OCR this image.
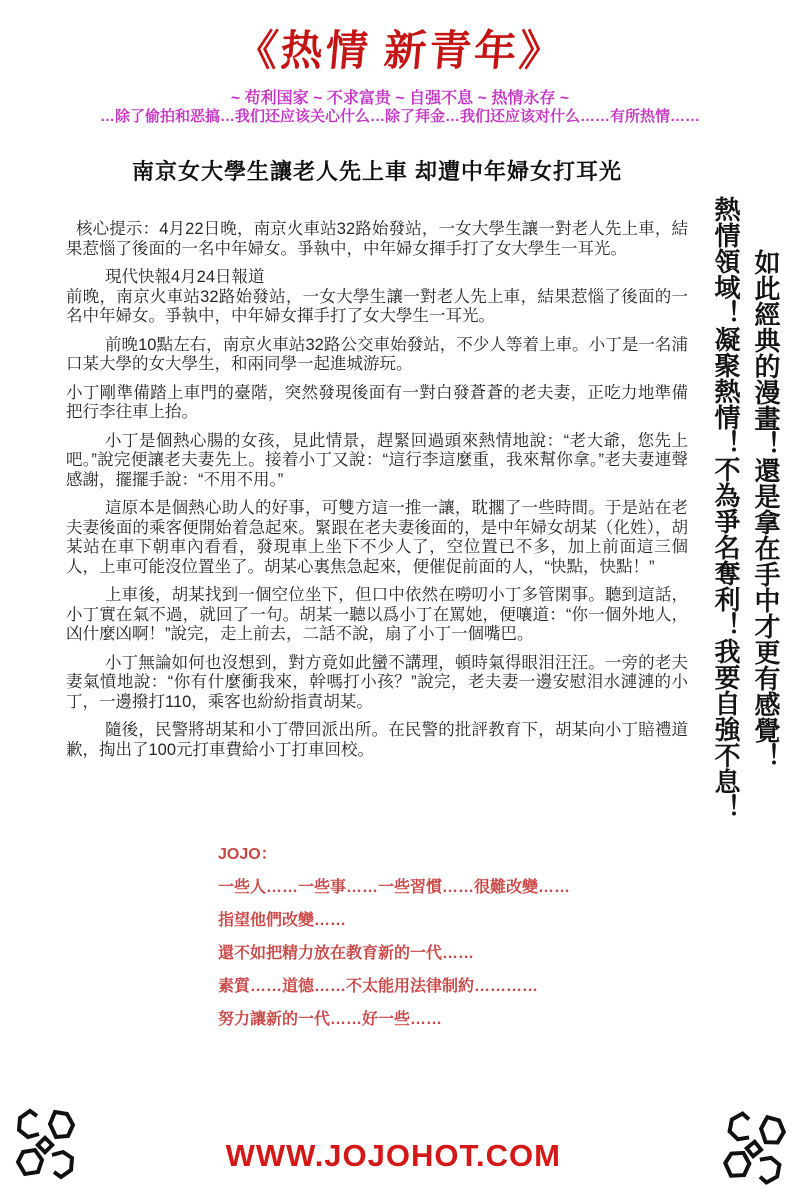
《热情 新青年》
~ 苟利国家 ~ 不求富贵 ~ 自强不息 ~ 热情永存 ~
…除了偷拍和恶搞…我们还应该关心什么…除了拜金…我们还应该对什么……有所热情……
南京女大學生讓老人先上車 却遭中年婦女打耳光

核心提示：4月22日晚，南京火車站32路始發站，一女大學生讓一對老人先上車，結果惹惱了後面的一名中年婦女。爭執中，中年婦女揮手打了女大學生一耳光。

現代快報4月24日報道

前晚，南京火車站32路始發站，一女大學生讓一對老人先上車，結果惹惱了後面的一名中年婦女。爭執中，中年婦女揮手打了女大學生一耳光。

前晚10點左右，南京火車站32路公交車始發站，不少人等着上車。小丁是一名浦口某大學的女大學生，和兩同學一起進城游玩。

小丁剛準備踏上車門的臺階，突然發現後面有一對白發蒼蒼的老夫妻，正吃力地準備把行李往車上抬。

小丁是個熱心腸的女孩，見此情景，趕緊回過頭來熱情地說：“老大爺，您先上吧。”說完便讓老夫妻先上。接着小丁又說：“這行李這麼重，我來幫你拿。”老夫妻連聲感謝，擺擺手說：“不用不用。”

這原本是個熱心助人的好事，可雙方這一推一讓，耽擱了一些時間。于是站在老夫妻後面的乘客便開始着急起來。緊跟在老夫妻後面的，是中年婦女胡某（化姓），胡某站在車下朝車內看看，發現車上坐下不少人了，空位置已不多，加上前面這三個人，上車可能沒位置坐了。胡某心裏焦急起來，便催促前面的人，“快點，快點！”

上車後，胡某找到一個空位坐下，但口中依然在嘮叨小丁多管閑事。聽到這話，小丁實在氣不過，就回了一句。胡某一聽以爲小丁在罵她，便嚷道：“你一個外地人，凶什麼凶啊！”說完，走上前去，二話不說，扇了小丁一個嘴巴。

小丁無論如何也沒想到，對方竟如此蠻不講理，頓時氣得眼泪汪汪。一旁的老夫妻氣憤地說：“你有什麼衝我來，幹嗎打小孩？”說完，老夫妻一邊安慰泪水漣漣的小丁，一邊撥打110，乘客也紛紛指責胡某。

隨後，民警將胡某和小丁帶回派出所。在民警的批評教育下，胡某向小丁賠禮道歉，掏出了100元打車費給小丁打車回校。	如此經典的漫畫！還是拿在手中才更有感覺！
熱情領域！凝聚熱情！不為爭名奪利！我要自強不息！
JOJO：
一些人……一些事……一些習慣……很難改變……
指望他們改變……
還不如把精力放在教育新的一代……
素質……道德……不太能用法律制約…………
努力讓新的一代……好一些……
WWW.JOJOHOT.COM
